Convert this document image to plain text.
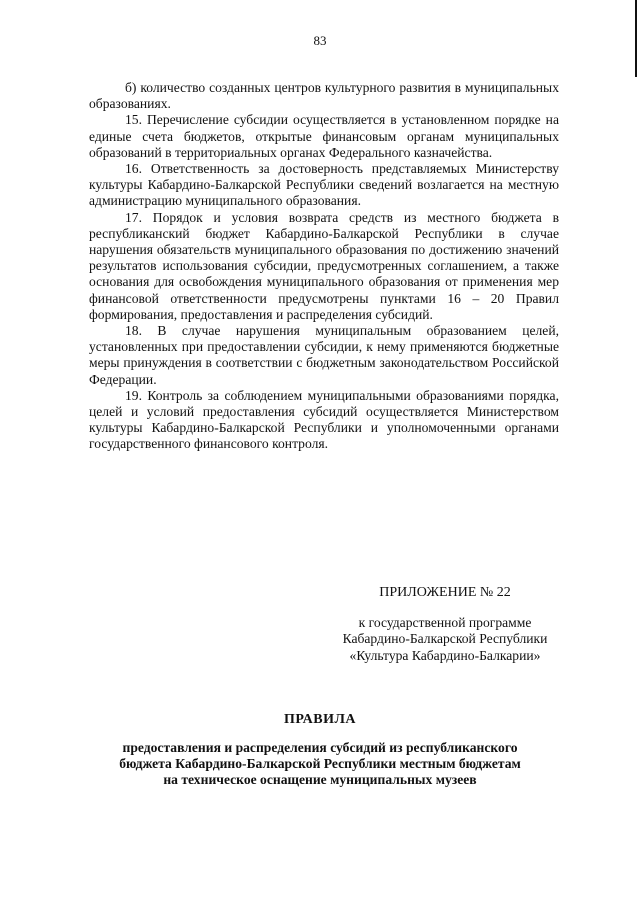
83

б) количество созданных центров культурного развития в муниципальных образованиях.

15. Перечисление субсидии осуществляется в установленном порядке на единые счета бюджетов, открытые финансовым органам муниципальных образований в территориальных органах Федерального казначейства.

16. Ответственность за достоверность представляемых Министерству культуры Кабардино-Балкарской Республики сведений возлагается на местную администрацию муниципального образования.

17. Порядок и условия возврата средств из местного бюджета в республиканский бюджет Кабардино-Балкарской Республики в случае нарушения обязательств муниципального образования по достижению значений результатов использования субсидии, предусмотренных соглашением, а также основания для освобождения муниципального образования от применения мер финансовой ответственности предусмотрены пунктами 16 – 20 Правил формирования, предоставления и распределения субсидий.

18. В случае нарушения муниципальным образованием целей, установленных при предоставлении субсидии, к нему применяются бюджетные меры принуждения в соответствии с бюджетным законодательством Российской Федерации.

19. Контроль за соблюдением муниципальными образованиями порядка, целей и условий предоставления субсидий осуществляется Министерством культуры Кабардино-Балкарской Республики и уполномоченными органами государственного финансового контроля.

ПРИЛОЖЕНИЕ № 22

к государственной программе
Кабардино-Балкарской Республики
«Культура Кабардино-Балкарии»
ПРАВИЛА
предоставления и распределения субсидий из республиканского
бюджета Кабардино-Балкарской Республики местным бюджетам
на техническое оснащение муниципальных музеев
